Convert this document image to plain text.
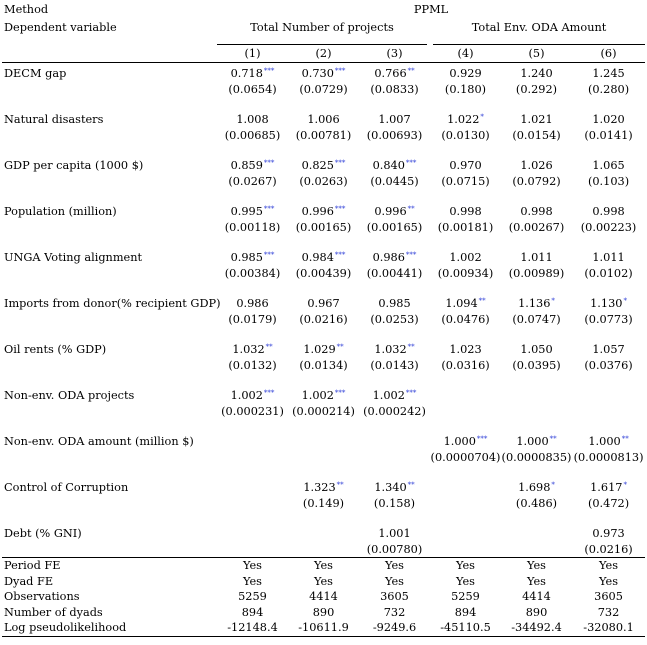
Method	PPML					
Dependent variable	Total Number of projects			Total Env. ODA Amount		
	(1)	(2)	(3)	(4)	(5)	(6)
DECM gap	0.718***	0.730***	0.766**	0.929	1.240	1.245
	(0.0654)	(0.0729)	(0.0833)	(0.180)	(0.292)	(0.280)

Natural disasters	1.008	1.006	1.007	1.022*	1.021	1.020
	(0.00685)	(0.00781)	(0.00693)	(0.0130)	(0.0154)	(0.0141)

GDP per capita (1000 $)	0.859***	0.825***	0.840***	0.970	1.026	1.065
	(0.0267)	(0.0263)	(0.0445)	(0.0715)	(0.0792)	(0.103)

Population (million)	0.995***	0.996***	0.996**	0.998	0.998	0.998
	(0.00118)	(0.00165)	(0.00165)	(0.00181)	(0.00267)	(0.00223)

UNGA Voting alignment	0.985***	0.984***	0.986***	1.002	1.011	1.011
	(0.00384)	(0.00439)	(0.00441)	(0.00934)	(0.00989)	(0.0102)

Imports from donor(% recipient GDP)	0.986	0.967	0.985	1.094**	1.136*	1.130*
	(0.0179)	(0.0216)	(0.0253)	(0.0476)	(0.0747)	(0.0773)

Oil rents (% GDP)	1.032**	1.029**	1.032**	1.023	1.050	1.057
	(0.0132)	(0.0134)	(0.0143)	(0.0316)	(0.0395)	(0.0376)

Non-env. ODA projects	1.002***	1.002***	1.002***			
	(0.000231)	(0.000214)	(0.000242)			

Non-env. ODA amount (million $)				1.000***	1.000**	1.000**
				(0.0000704)	(0.0000835)	(0.0000813)

Control of Corruption		1.323**	1.340**		1.698*	1.617*
		(0.149)	(0.158)		(0.486)	(0.472)

Debt (% GNI)			1.001			0.973
			(0.00780)			(0.0216)
Period FE	Yes	Yes	Yes	Yes	Yes	Yes
Dyad FE	Yes	Yes	Yes	Yes	Yes	Yes
Observations	5259	4414	3605	5259	4414	3605
Number of dyads	894	890	732	894	890	732
Log pseudolikelihood	-12148.4	-10611.9	-9249.6	-45110.5	-34492.4	-32080.1
